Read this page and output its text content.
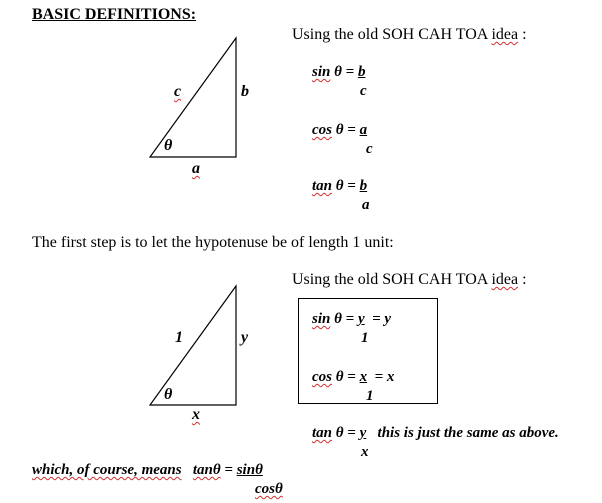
BASIC DEFINITIONS:
c	b
θ
a
Using the old SOH CAH TOA idea :
sin θ = b
c
cos θ = a
c
tan θ = b
a
The first step is to let the hypotenuse be of length 1 unit:
Using the old SOH CAH TOA idea :
1	y
θ
x
sin θ = y = y
1
cos θ = x = x
1
tan θ = y this is just the same as above.
x
which, of course, means tanθ = sinθ
cosθ
